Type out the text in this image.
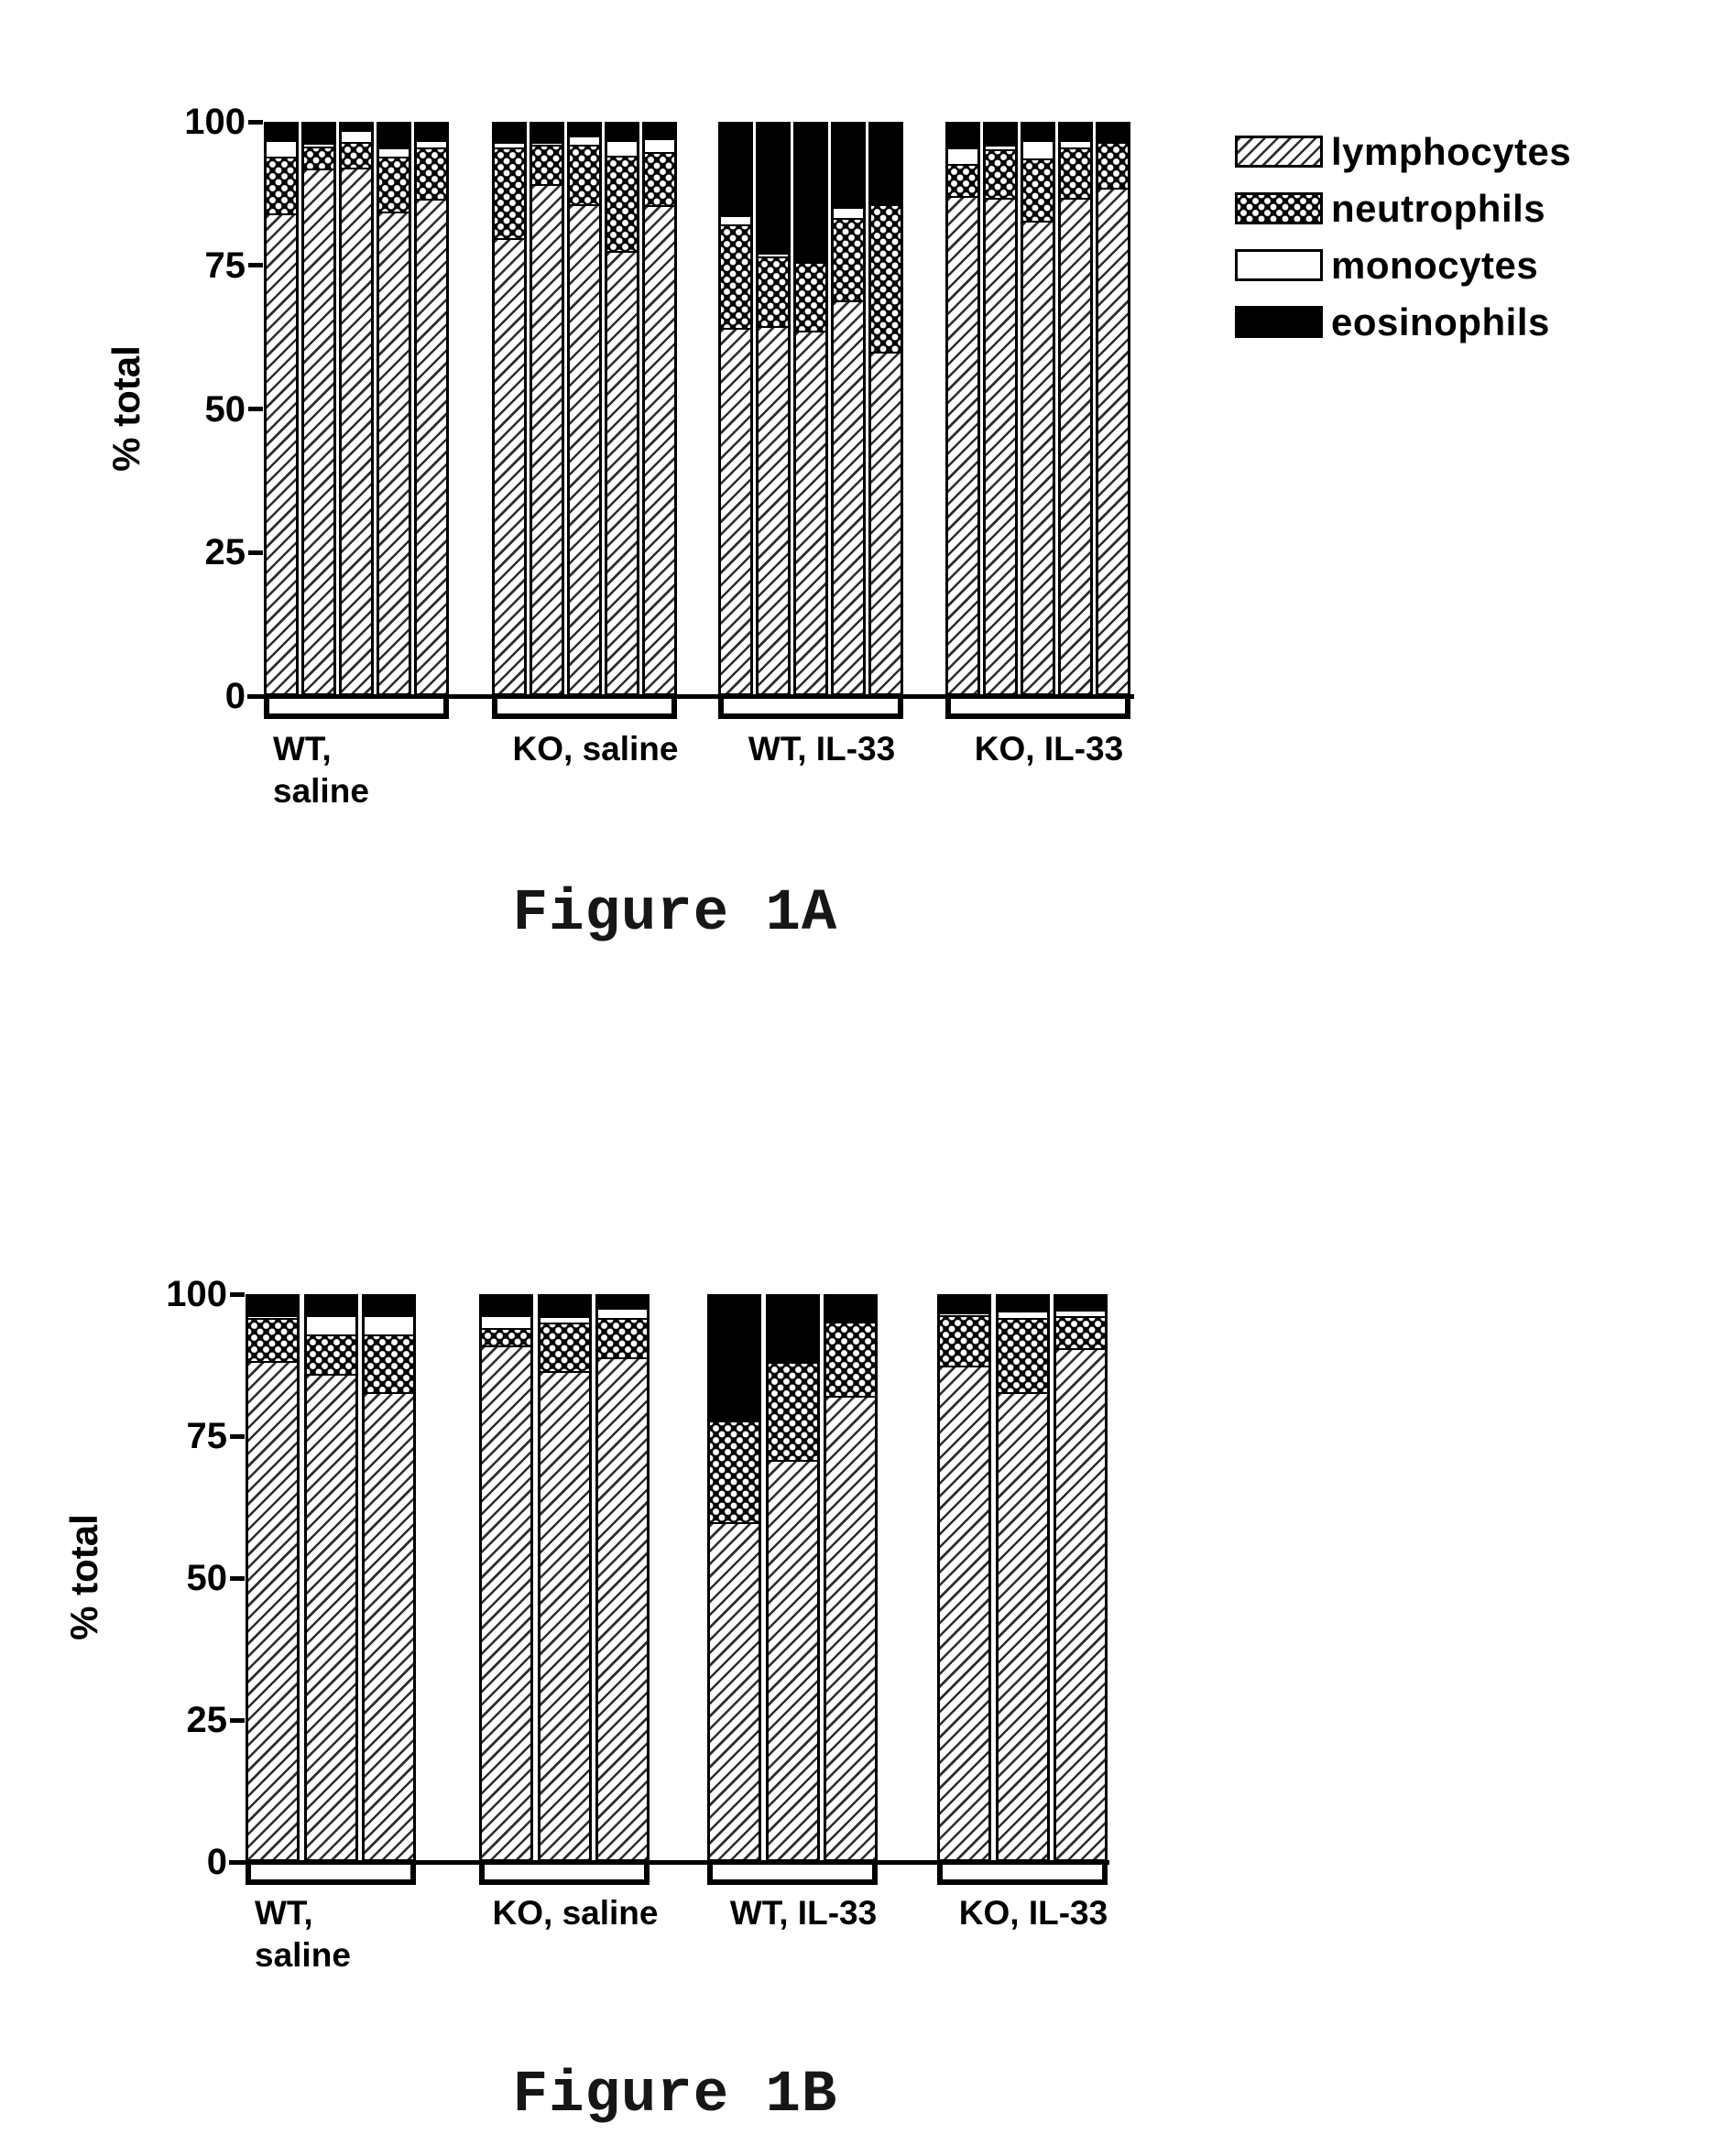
% total
% total
Figure 1A
Figure 1B
lymphocytes
neutrophils
monocytes
eosinophils
0
25
50
75
100
WT,
saline
KO, saline	WT, IL-33	KO, IL-33
0
25
50
75
100
WT,
saline
KO, saline	WT, IL-33	KO, IL-33
